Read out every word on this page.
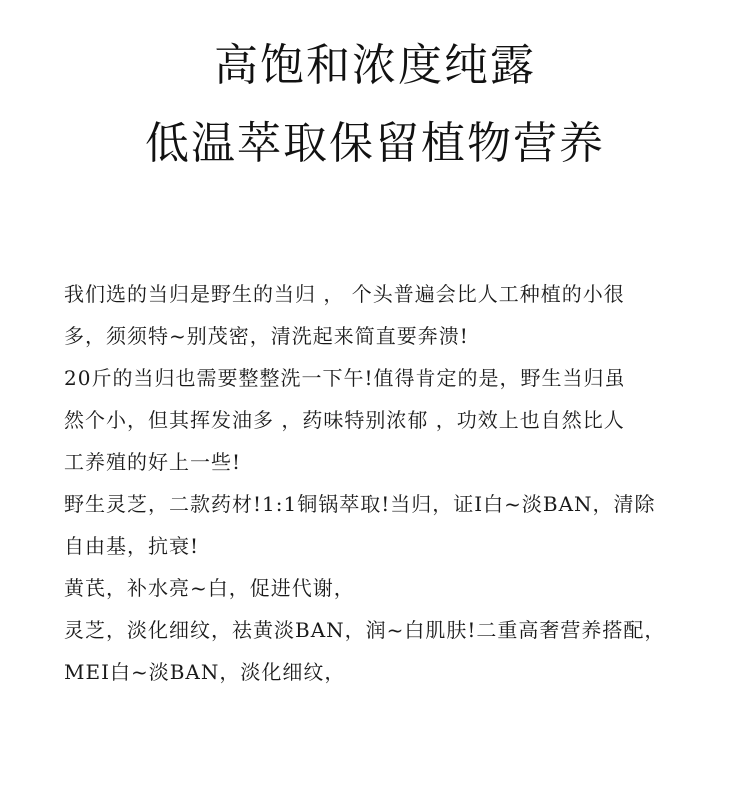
高饱和浓度纯露
低温萃取保留植物营养
我们选的当归是野生的当归 ， 个头普遍会比人工种植的小很
多，须须特~别茂密，清洗起来简直要奔溃!
20斤的当归也需要整整洗一下午!值得肯定的是，野生当归虽
然个小，但其挥发油多 ，药味特别浓郁 ，功效上也自然比人
工养殖的好上一些!
野生灵芝，二款药材!1:1铜锅萃取!当归，证I白~淡BAN，清除
自由基，抗衰!
黄芪，补水亮~白，促进代谢，
灵芝，淡化细纹，祛黄淡BAN，润~白肌肤!二重高奢营养搭配，
MEI白~淡BAN，淡化细纹，
